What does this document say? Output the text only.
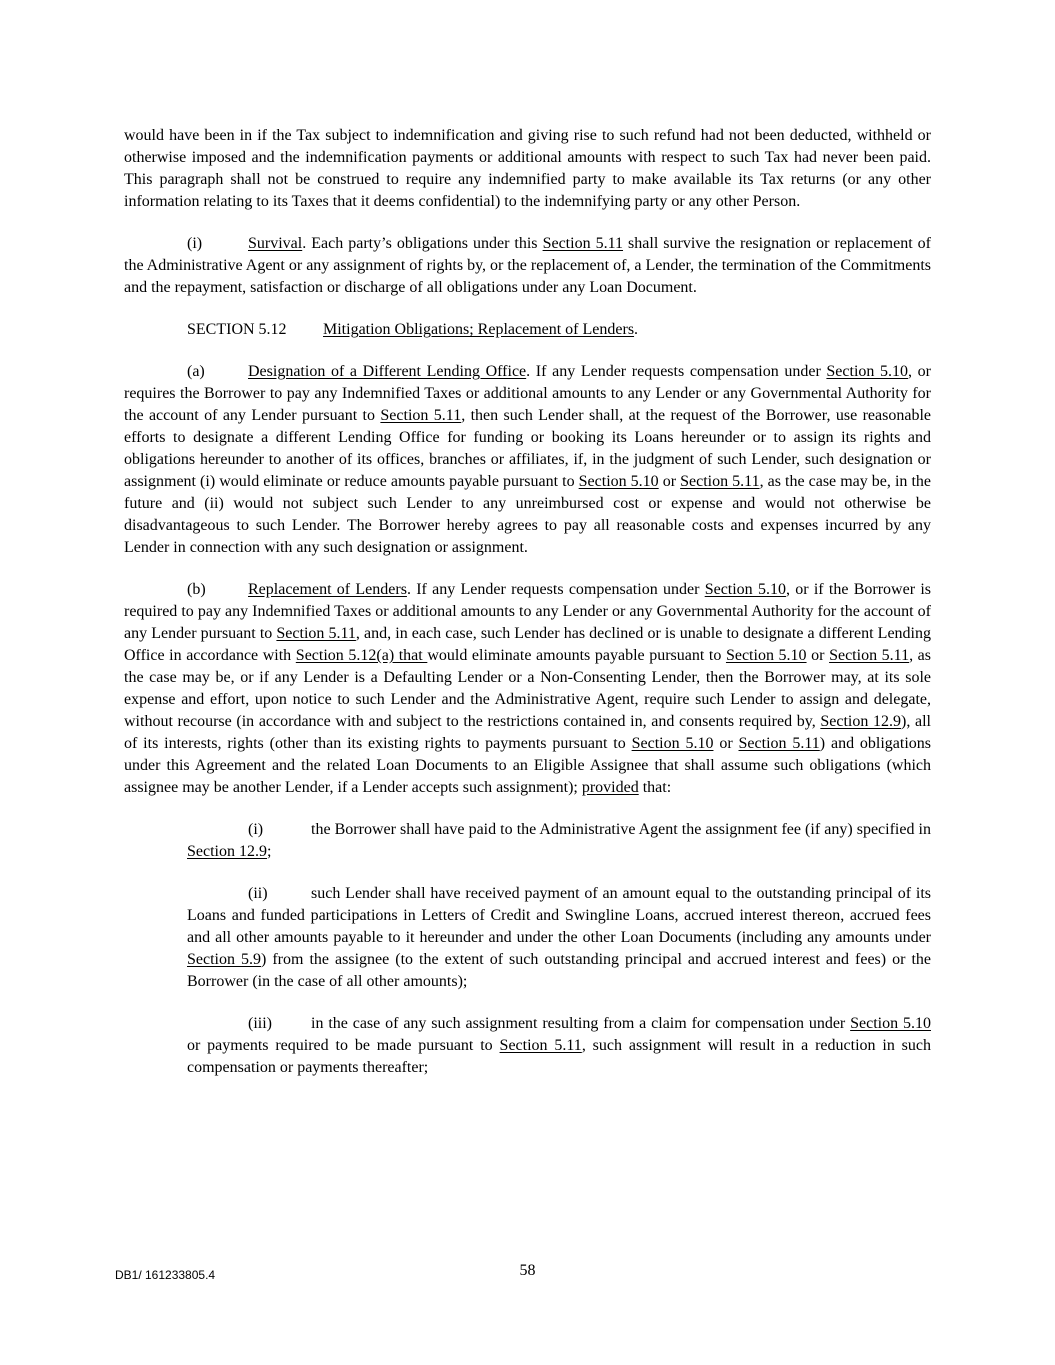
would have been in if the Tax subject to indemnification and giving rise to such refund had not been deducted, withheld or otherwise imposed and the indemnification payments or additional amounts with respect to such Tax had never been paid. This paragraph shall not be construed to require any indemnified party to make available its Tax returns (or any other information relating to its Taxes that it deems confidential) to the indemnifying party or any other Person.

(i)	Survival. Each party’s obligations under this Section 5.11 shall survive the resignation or replacement of the Administrative Agent or any assignment of rights by, or the replacement of, a Lender, the termination of the Commitments and the repayment, satisfaction or discharge of all obligations under any Loan Document.

SECTION 5.12 Mitigation Obligations; Replacement of Lenders.

(a)	Designation of a Different Lending Office. If any Lender requests compensation under Section 5.10, or requires the Borrower to pay any Indemnified Taxes or additional amounts to any Lender or any Governmental Authority for the account of any Lender pursuant to Section 5.11, then such Lender shall, at the request of the Borrower, use reasonable efforts to designate a different Lending Office for funding or booking its Loans hereunder or to assign its rights and obligations hereunder to another of its offices, branches or affiliates, if, in the judgment of such Lender, such designation or assignment (i) would eliminate or reduce amounts payable pursuant to Section 5.10 or Section 5.11, as the case may be, in the future and (ii) would not subject such Lender to any unreimbursed cost or expense and would not otherwise be disadvantageous to such Lender. The Borrower hereby agrees to pay all reasonable costs and expenses incurred by any Lender in connection with any such designation or assignment.

(b)	Replacement of Lenders. If any Lender requests compensation under Section 5.10, or if the Borrower is required to pay any Indemnified Taxes or additional amounts to any Lender or any Governmental Authority for the account of any Lender pursuant to Section 5.11, and, in each case, such Lender has declined or is unable to designate a different Lending Office in accordance with Section 5.12(a) that would eliminate amounts payable pursuant to Section 5.10 or Section 5.11, as the case may be, or if any Lender is a Defaulting Lender or a Non-Consenting Lender, then the Borrower may, at its sole expense and effort, upon notice to such Lender and the Administrative Agent, require such Lender to assign and delegate, without recourse (in accordance with and subject to the restrictions contained in, and consents required by, Section 12.9), all of its interests, rights (other than its existing rights to payments pursuant to Section 5.10 or Section 5.11) and obligations under this Agreement and the related Loan Documents to an Eligible Assignee that shall assume such obligations (which assignee may be another Lender, if a Lender accepts such assignment); provided that:

(i)	the Borrower shall have paid to the Administrative Agent the assignment fee (if any) specified in Section 12.9;

(ii)	such Lender shall have received payment of an amount equal to the outstanding principal of its Loans and funded participations in Letters of Credit and Swingline Loans, accrued interest thereon, accrued fees and all other amounts payable to it hereunder and under the other Loan Documents (including any amounts under Section 5.9) from the assignee (to the extent of such outstanding principal and accrued interest and fees) or the Borrower (in the case of all other amounts);

(iii) in the case of any such assignment resulting from a claim for compensation under Section 5.10 or payments required to be made pursuant to Section 5.11, such assignment will result in a reduction in such compensation or payments thereafter;

DB1/ 161233805.4	58
